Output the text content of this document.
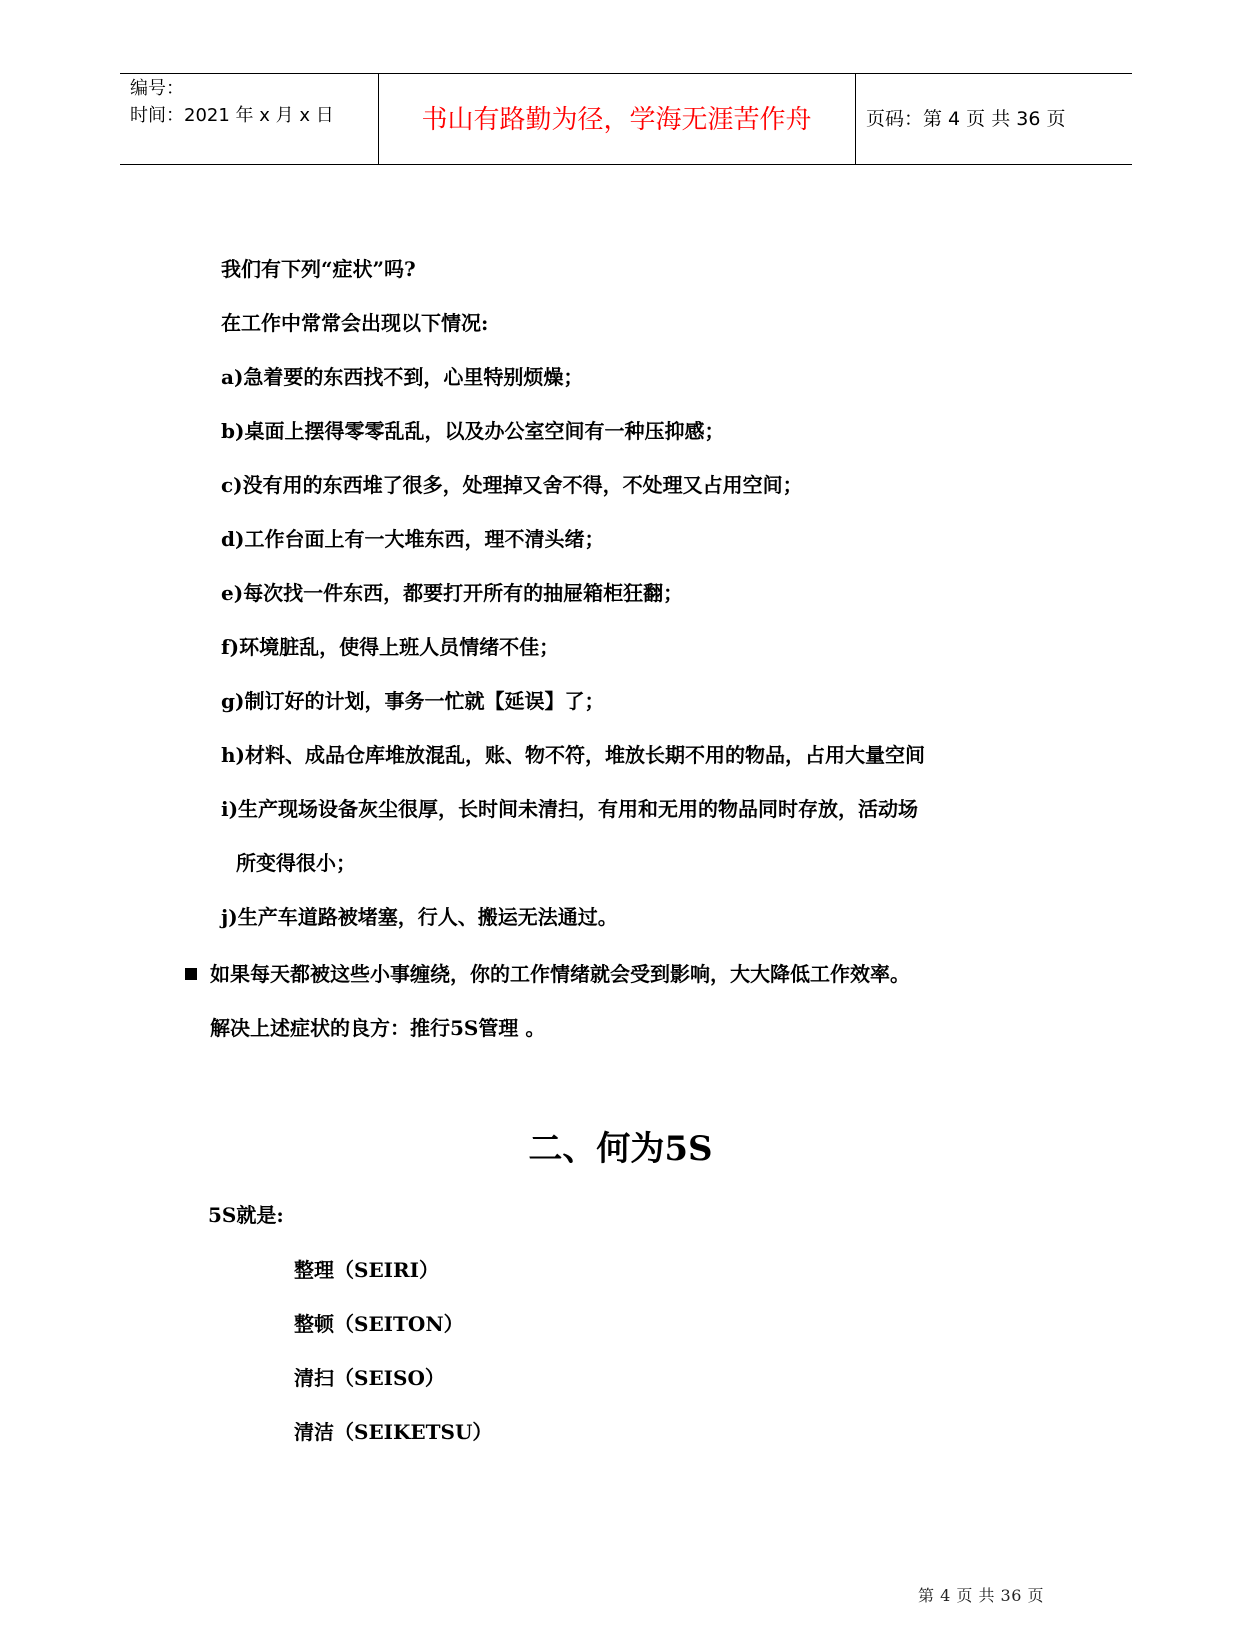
编号：
时间：2021 年 x 月 x 日	书山有路勤为径，学海无涯苦作舟	页码：第 4 页 共 36 页
我们有下列“症状”吗?
在工作中常常会出现以下情况:
a)急着要的东西找不到，心里特别烦燥；
b)桌面上摆得零零乱乱，以及办公室空间有一种压抑感；
c)没有用的东西堆了很多，处理掉又舍不得，不处理又占用空间；
d)工作台面上有一大堆东西，理不清头绪；
e)每次找一件东西，都要打开所有的抽屉箱柜狂翻；
f)环境脏乱，使得上班人员情绪不佳；
g)制订好的计划，事务一忙就【延误】了；
h)材料、成品仓库堆放混乱，账、物不符，堆放长期不用的物品，占用大量空间
i)生产现场设备灰尘很厚，长时间未清扫，有用和无用的物品同时存放，活动场
所变得很小；
j)生产车道路被堵塞，行人、搬运无法通过。
如果每天都被这些小事缠绕，你的工作情绪就会受到影响，大大降低工作效率。
解决上述症状的良方：推行5S管理 。
二、何为5S
5S就是:
整理（SEIRI）
整顿（SEITON）
清扫（SEISO）
清洁（SEIKETSU）
第 4 页 共 36 页
